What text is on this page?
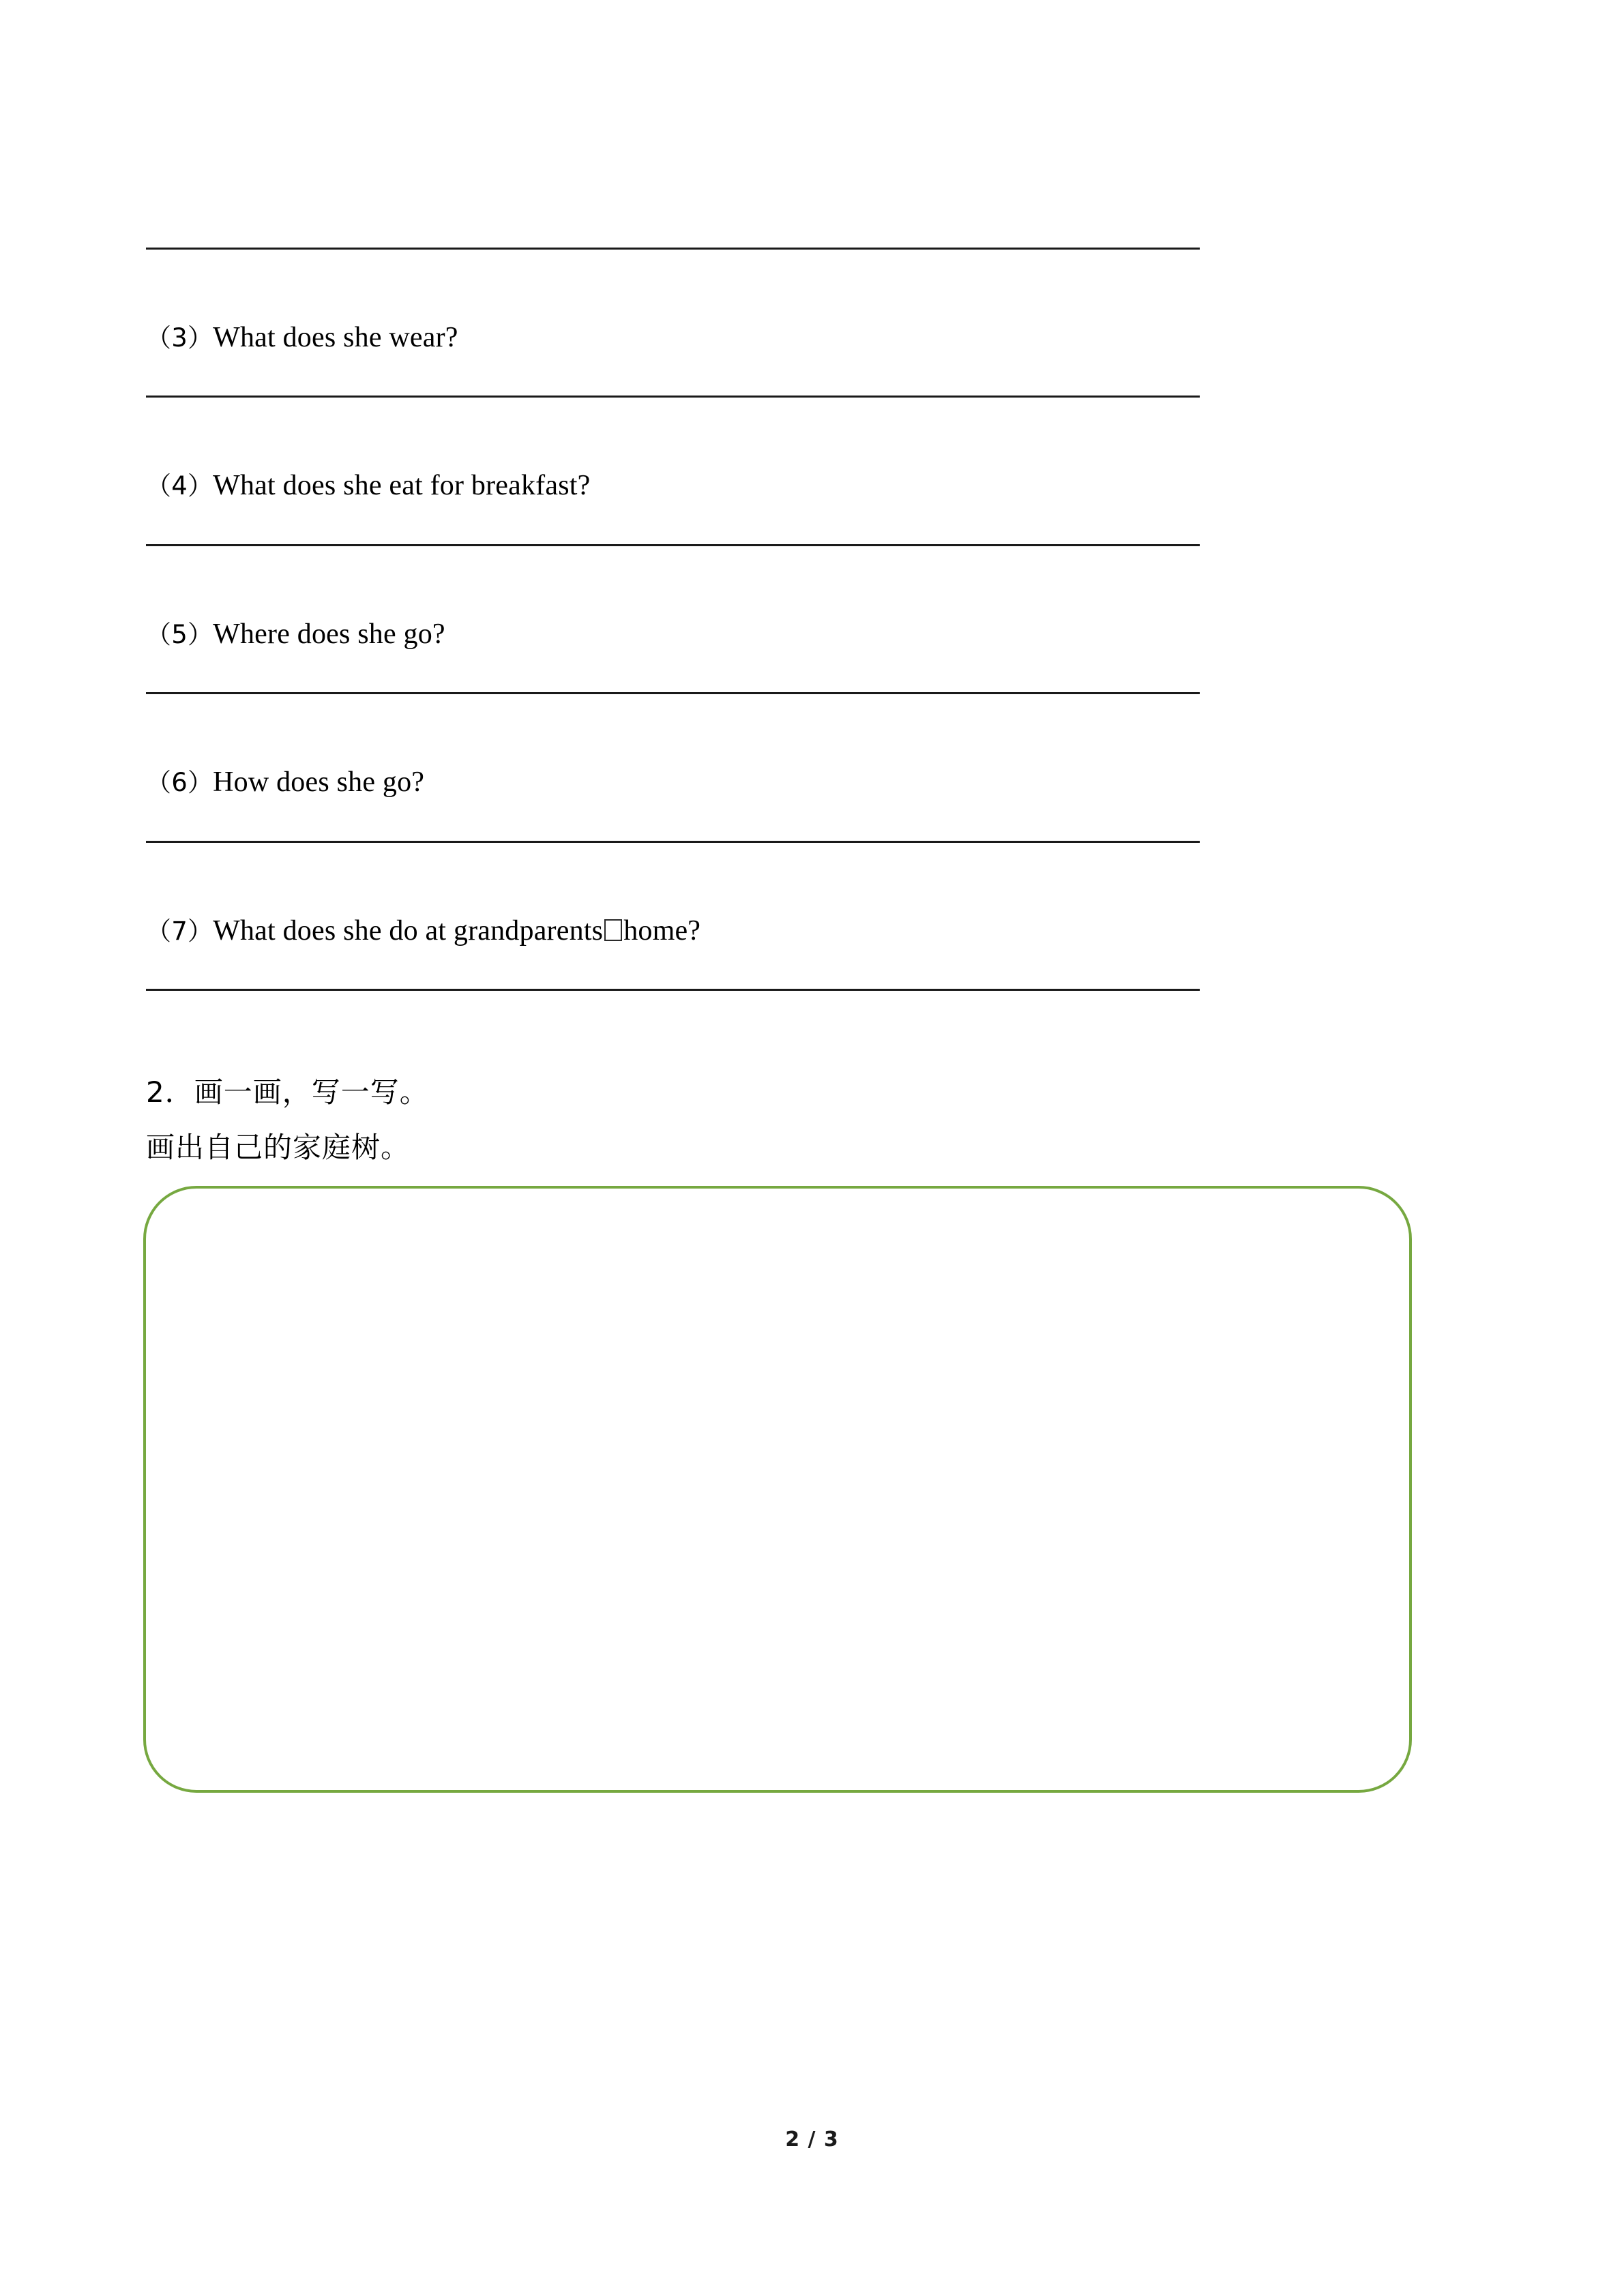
（3）What does she wear?
（4）What does she eat for breakfast?
（5）Where does she go?
（6）How does she go?
（7）What does she do at grandparents home?
2．画一画，写一写。
画出自己的家庭树。
2 / 3
